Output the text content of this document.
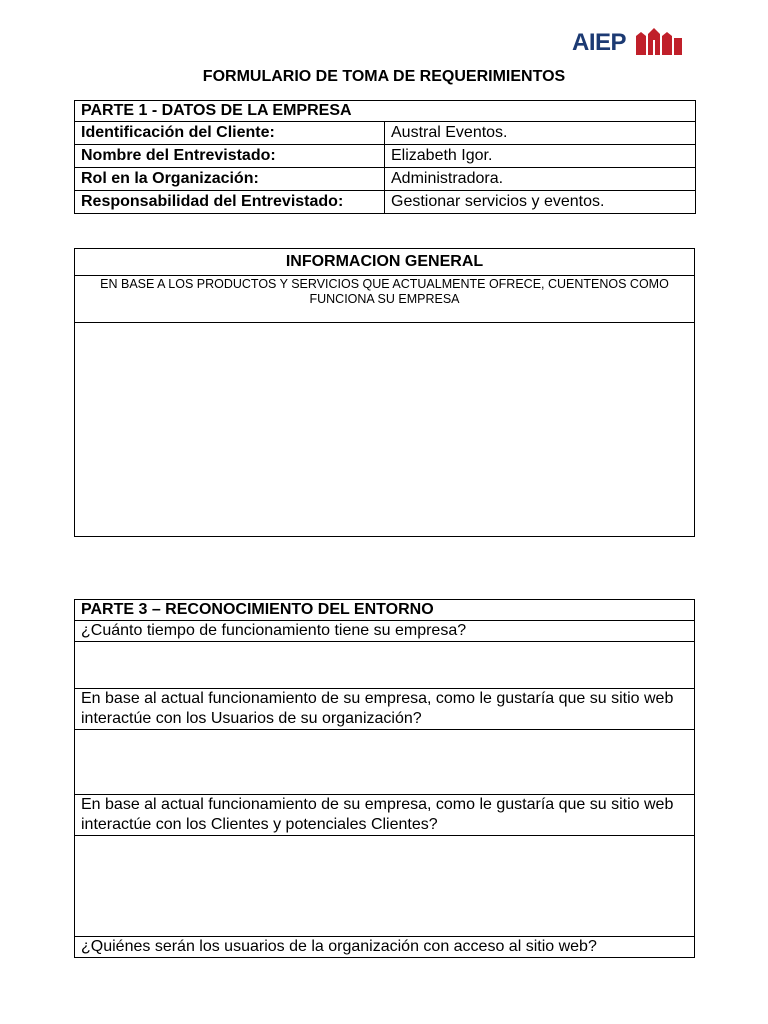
AIEP
FORMULARIO DE TOMA DE REQUERIMIENTOS
PARTE 1 - DATOS DE LA EMPRESA	
Identificación del Cliente:	Austral Eventos.
Nombre del Entrevistado:	Elizabeth Igor.
Rol en la Organización:	Administradora.
Responsabilidad del Entrevistado:	Gestionar servicios y eventos.
INFORMACION GENERAL
EN BASE A LOS PRODUCTOS Y SERVICIOS QUE ACTUALMENTE OFRECE, CUENTENOS COMO FUNCIONA SU EMPRESA

PARTE 3 – RECONOCIMIENTO DEL ENTORNO
¿Cuánto tiempo de funcionamiento tiene su empresa?

En base al actual funcionamiento de su empresa, como le gustaría que su sitio web interactúe con los Usuarios de su organización?

En base al actual funcionamiento de su empresa, como le gustaría que su sitio web interactúe con los Clientes y potenciales Clientes?

¿Quiénes serán los usuarios de la organización con acceso al sitio web?
